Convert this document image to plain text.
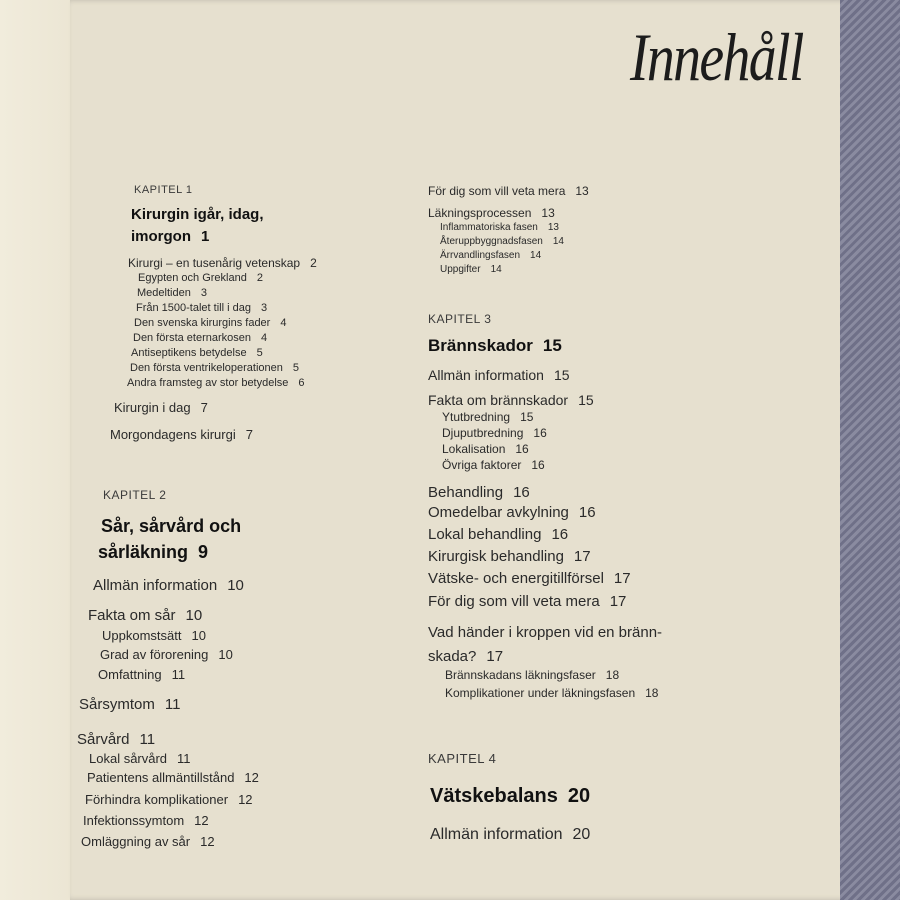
Innehåll
KAPITEL 1
Kirurgin igår, idag,
imorgon 1
Kirurgi – en tusenårig vetenskap 2
Egypten och Grekland 2
Medeltiden 3
Från 1500-talet till i dag 3
Den svenska kirurgins fader 4
Den första eternarkosen 4
Antiseptikens betydelse 5
Den första ventrikeloperationen 5
Andra framsteg av stor betydelse 6
Kirurgin i dag 7
Morgondagens kirurgi 7
KAPITEL 2
Sår, sårvård och
sårläkning 9
Allmän information 10
Fakta om sår 10
Uppkomstsätt 10
Grad av förorening 10
Omfattning 11
Sårsymtom 11
Sårvård 11
Lokal sårvård 11
Patientens allmäntillstånd 12
Förhindra komplikationer 12
Infektionssymtom 12
Omläggning av sår 12
För dig som vill veta mera 13
Läkningsprocessen 13
Inflammatoriska fasen 13
Återuppbyggnadsfasen 14
Ärrvandlingsfasen 14
Uppgifter 14
KAPITEL 3
Brännskador 15
Allmän information 15
Fakta om brännskador 15
Ytutbredning 15
Djuputbredning 16
Lokalisation 16
Övriga faktorer 16
Behandling 16
Omedelbar avkylning 16
Lokal behandling 16
Kirurgisk behandling 17
Vätske- och energitillförsel 17
För dig som vill veta mera 17
Vad händer i kroppen vid en bränn-
skada? 17
Brännskadans läkningsfaser 18
Komplikationer under läkningsfasen 18
KAPITEL 4
Vätskebalans 20
Allmän information 20
